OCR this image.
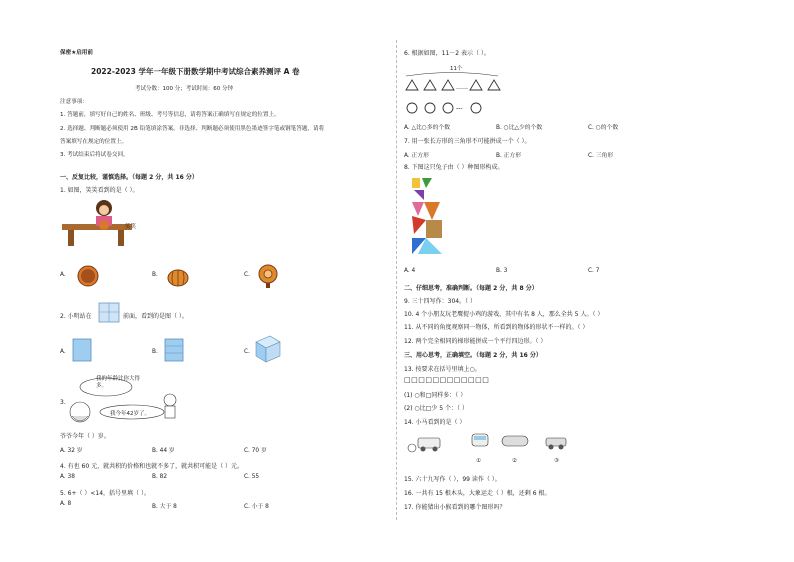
保密★启用前
2022-2023 学年一年级下册数学期中考试综合素养测评 A 卷
考试分数：100 分；考试时间：60 分钟
注意事项：
1. 答题前，填写好自己的姓名、班级、考号等信息，请将答案正确填写在规定的位置上。
2. 选择题、判断题必须使用 2B 铅笔填涂答案，非选择、判断题必须使用黑色墨迹签字笔或钢笔答题，请将
答案填写在规定的位置上。
3. 考试结束后将试卷交回。
一、反复比较，谨慎选择。（每题 2 分，共 16 分）
1. 如图，笑笑看到的是（ ）。
笑笑
A.	B.	C.
2. 小明站在	前面，看到的是图（ ）。
A.	B.	C.
3.
我的年龄比你大得多。
我今年42岁了。
爷爷今年（ ）岁。
A. 32 岁	B. 44 岁	C. 70 岁
4. 有也 60 元，就共积的价格和也就不多了，就共积可能是（ ）元。
A. 38	B. 82	C. 55
5. 6+（ ）<14，括号里填（ ）。
A. 8	B. 大于 8	C. 小于 8
6. 根据如图，11－2 表示（ ）。
11个
……
---
A. △比○多的个数	B. ○比△少的个数	C. ○的个数
7. 用一张长方形的三角形不可能拼成一个（ ）。
A. 正方形	B. 正方形	C. 三角形
8. 下图这只兔子由（ ）种图形构成。
A. 4	B. 3	C. 7
二、仔细思考，准确判断。（每题 2 分，共 8 分）
9. 三十四写作：304。（ ）
10. 4 个小朋友玩老鹰捉小鸡的游戏，其中有名 8 人，那么全共 5 人。（ ）
11. 从不同的角度观察同一物体，所看到的物体的形状不一样的。（ ）
12. 两个完全相同的梯形能拼成一个平行四边形。（ ）
三、用心思考，正确填空。（每题 2 分，共 16 分）
13. 按要求在括号里填上○。
□□□□□□□□□□□□
(1) ○和□同样多：（ ）
(2) ○比□少 5 个：（ ）
14. 小马看到的是（ ）
①	②	③
15. 六十九写作（ ），99 读作（ ）。
16. 一共有 15 根木头，大象运走（ ）根，还剩 6 根。
17. 你能猜出小猴看到的哪个图形吗？
